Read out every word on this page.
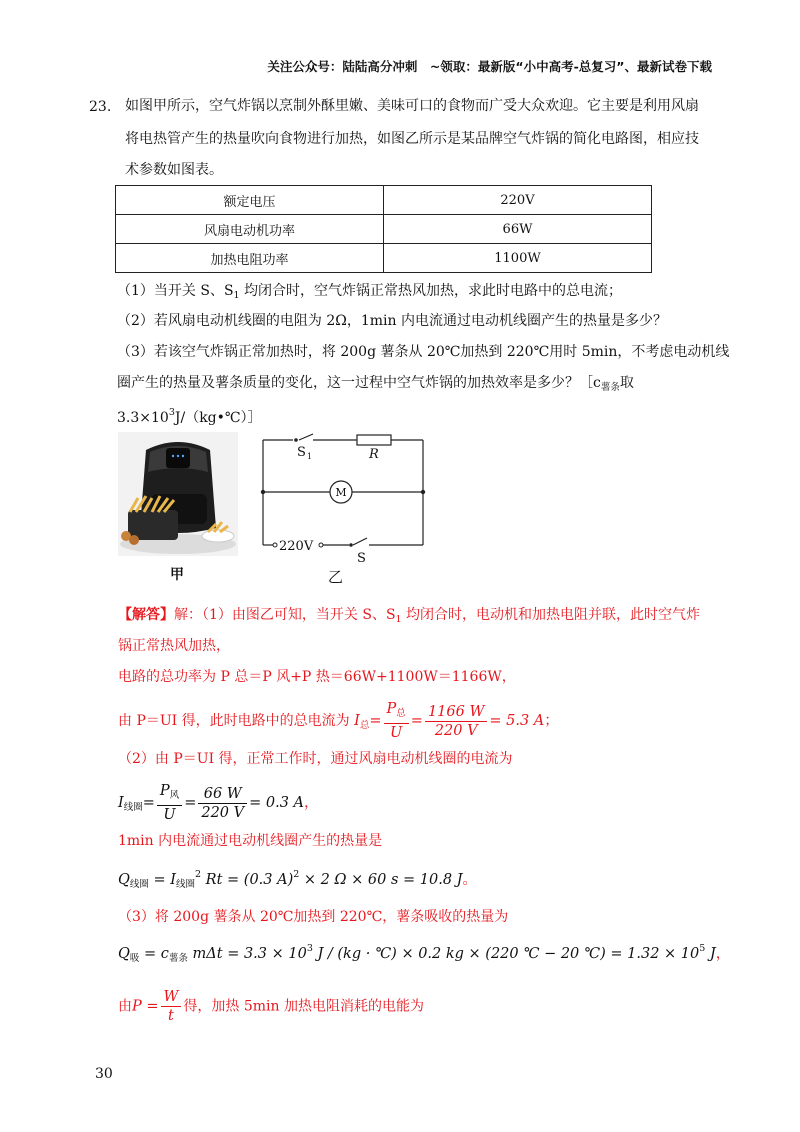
关注公众号：陆陆高分冲刺　~领取：最新版“小中高考-总复习”、最新试卷下载
23. 如图甲所示，空气炸锅以烹制外酥里嫩、美味可口的食物而广受大众欢迎。它主要是利用风扇
将电热管产生的热量吹向食物进行加热，如图乙所示是某品牌空气炸锅的简化电路图，相应技
术参数如图表。
额定电压	220V
风扇电动机功率	66W
加热电阻功率	1100W
（1）当开关 S、$S_1$ 均闭合时，空气炸锅正常热风加热，求此时电路中的总电流；
（2）若风扇电动机线圈的电阻为 2Ω，1min 内电流通过电动机线圈产生的热量是多少？
（3）若该空气炸锅正常加热时，将 200g 薯条从 20℃加热到 220℃用时 5min，不考虑电动机线
圈产生的热量及薯条质量的变化，这一过程中空气炸锅的加热效率是多少？$[c_{薯条}$取
$3.3\times 10^3J/(kg•℃)]$
甲
S 1	R
M
220V
S
乙
【解答】解：（1）由图乙可知，当开关 S、$S_1$ 均闭合时，电动机和加热电阻并联，此时空气炸
锅正常热风加热，
电路的总功率为 P 总＝P 风+P 热＝66W+1100W＝1166W，
由 P＝UI 得，此时电路中的总电流为 $I_总= \frac{P_总}{U} = \frac{1166 W}{220 V} = 5.3$ A；
（2）由 P＝UI 得，正常工作时，通过风扇电动机线圈的电流为
$I_{线圈}= \frac{P_风}{U} = \frac{66 W}{220 V} = 0.3$ A，
1min 内电流通过电动机线圈产生的热量是
$Q_{线圈} = I_{线圈}^2$ Rt = (0.3 A)$^2$ × 2 Ω × 60 s = 10.8 J。
（3）将 200g 薯条从 20℃加热到 220℃，薯条吸收的热量为
$Q_吸 = c_{薯条}$ $m\Delta t = 3.3 \times 10^3$ J / (kg · ℃) × 0.2 kg × (220 ℃ − 20 ℃) = $1.32 \times 10^5$ J，
由$P = \frac{W}{t}$ 得，加热 5min 加热电阻消耗的电能为
30
